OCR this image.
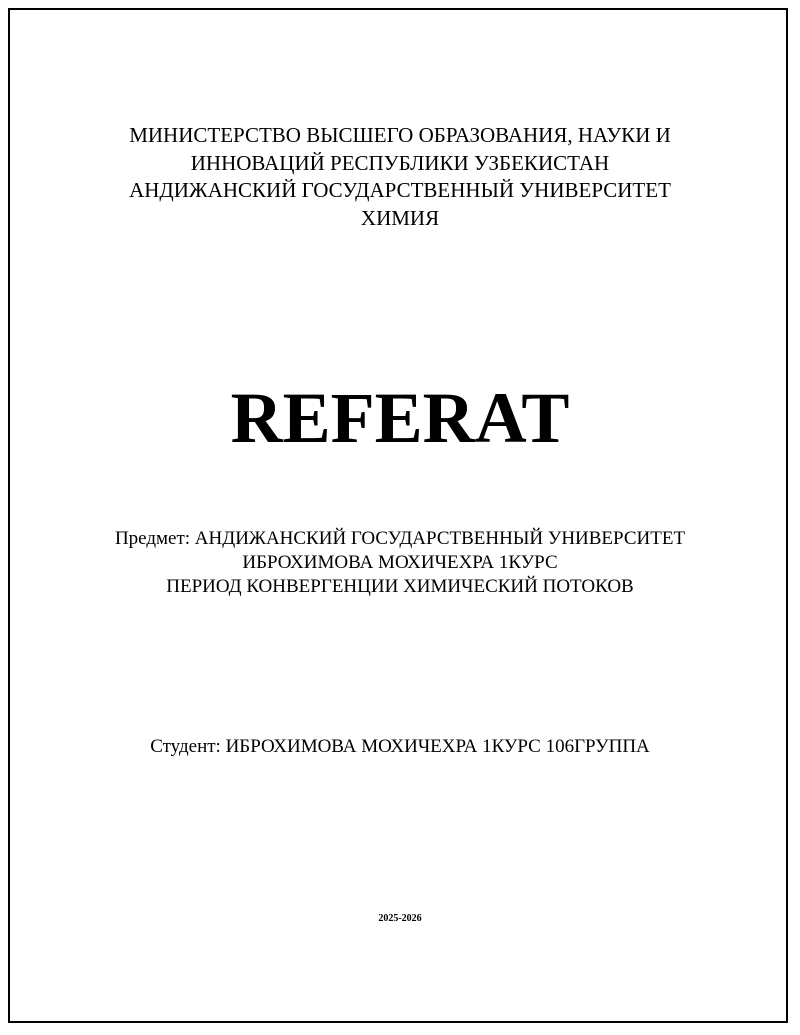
МИНИСТЕРСТВО ВЫСШЕГО ОБРАЗОВАНИЯ, НАУКИ И
ИННОВАЦИЙ РЕСПУБЛИКИ УЗБЕКИСТАН
АНДИЖАНСКИЙ ГОСУДАРСТВЕННЫЙ УНИВЕРСИТЕТ
ХИМИЯ
REFERAT
Предмет: АНДИЖАНСКИЙ ГОСУДАРСТВЕННЫЙ УНИВЕРСИТЕТ
ИБРОХИМОВА МОХИЧЕХРА 1КУРС
ПЕРИОД КОНВЕРГЕНЦИИ ХИМИЧЕСКИЙ ПОТОКОВ
Студент: ИБРОХИМОВА МОХИЧЕХРА 1КУРС 106ГРУППА
2025-2026
